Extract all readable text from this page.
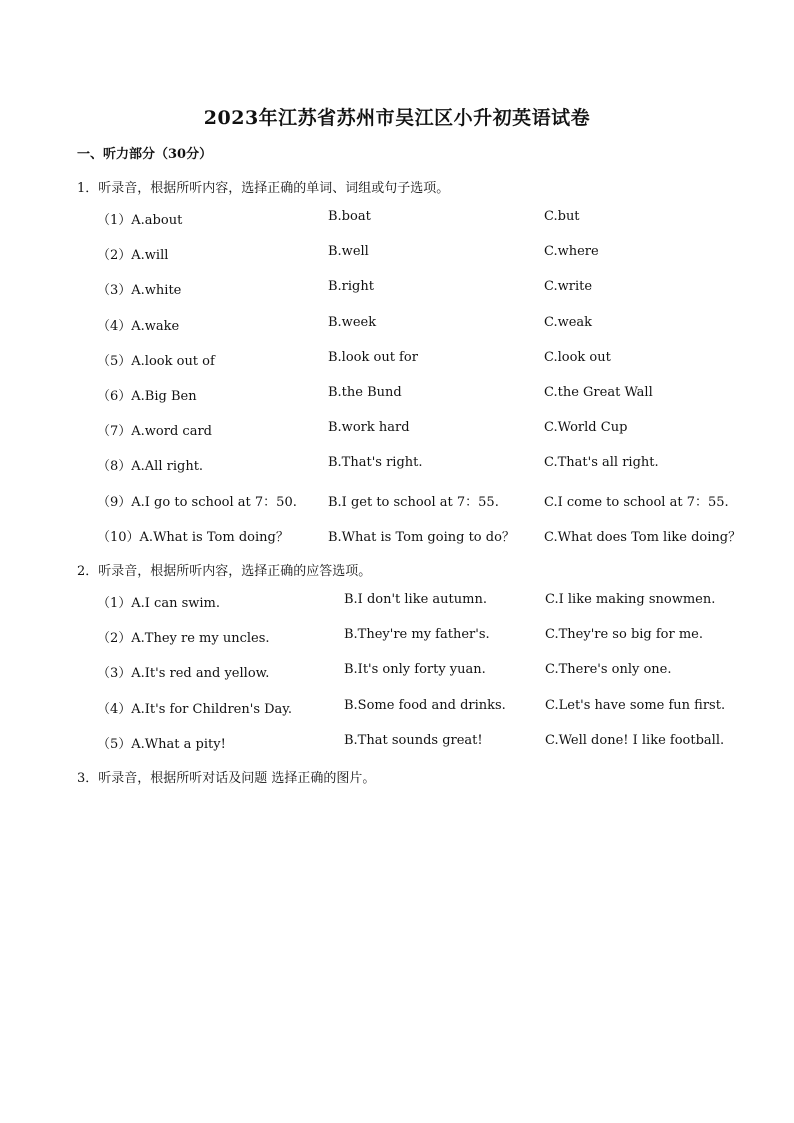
2023年江苏省苏州市吴江区小升初英语试卷
一、听力部分（30分）
1．听录音，根据所听内容，选择正确的单词、词组或句子选项。
（1）A.about	B.boat	C.but
（2）A.will	B.well	C.where
（3）A.white	B.right	C.write
（4）A.wake	B.week	C.weak
（5）A.look out of	B.look out for	C.look out
（6）A.Big Ben	B.the Bund	C.the Great Wall
（7）A.word card	B.work hard	C.World Cup
（8）A.All right.	B.That's right.	C.That's all right.
（9）A.I go to school at 7：50. B.I get to school at 7：55.	C.I come to school at 7：55.
（10）A.What is Tom doing？	B.What is Tom going to do？ C.What does Tom like doing？
2．听录音，根据所听内容，选择正确的应答选项。
（1）A.I can swim.	B.I don't like autumn.	C.I like making snowmen.
（2）A.They re my uncles.	B.They're my father's.	C.They're so big for me.
（3）A.It's red and yellow.	B.It's only forty yuan.	C.There's only one.
（4）A.It's for Children's Day.	B.Some food and drinks.	C.Let's have some fun first.
（5）A.What a pity!	B.That sounds great!	C.Well done! I like football.
3．听录音，根据所听对话及问题 选择正确的图片。
